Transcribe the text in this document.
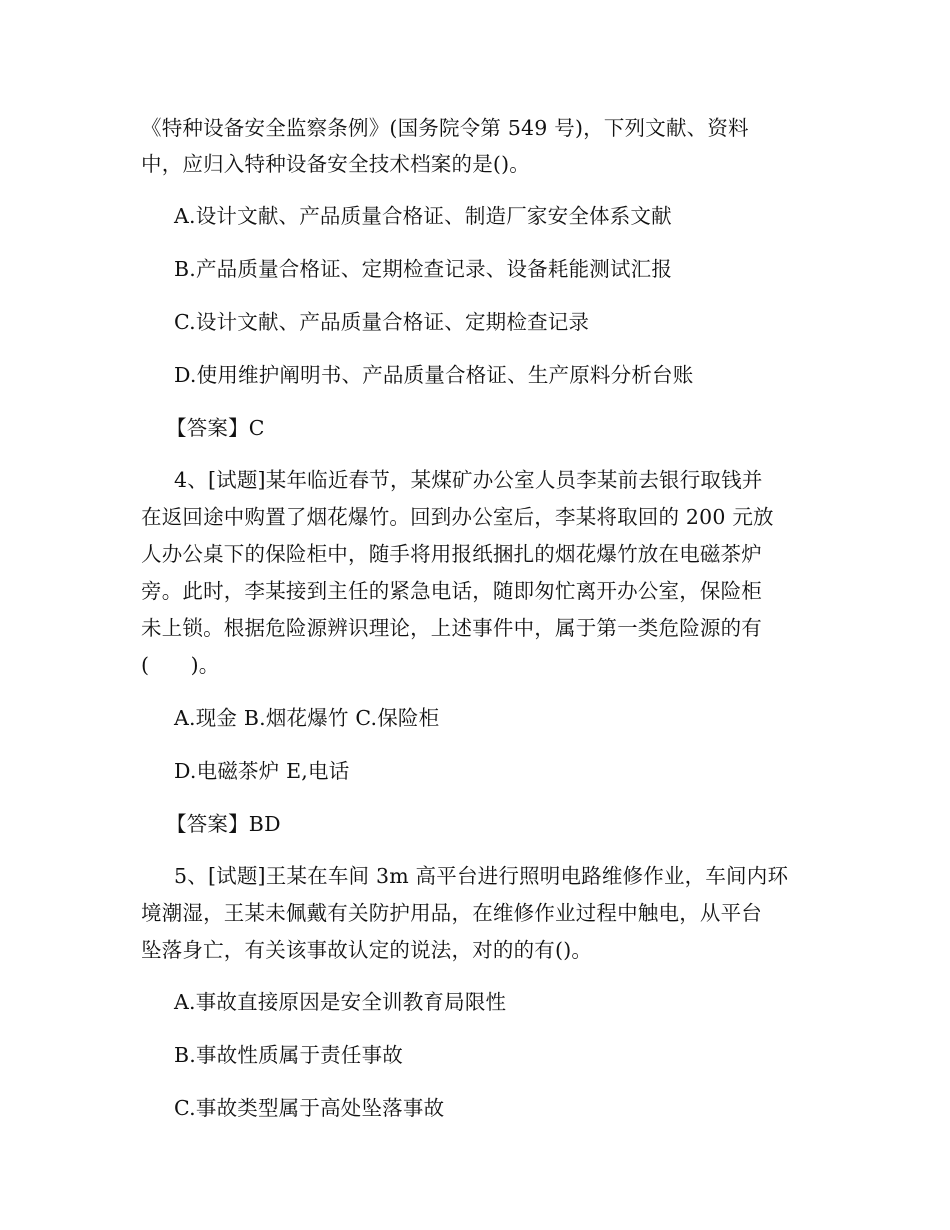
《特种设备安全监察条例》(国务院令第 549 号)，下列文献、资料
中，应归入特种设备安全技术档案的是()。
A.设计文献、产品质量合格证、制造厂家安全体系文献
B.产品质量合格证、定期检查记录、设备耗能测试汇报
C.设计文献、产品质量合格证、定期检查记录
D.使用维护阐明书、产品质量合格证、生产原料分析台账
【答案】C
4、[试题]某年临近春节，某煤矿办公室人员李某前去银行取钱并
在返回途中购置了烟花爆竹。回到办公室后，李某将取回的 200 元放
人办公桌下的保险柜中，随手将用报纸捆扎的烟花爆竹放在电磁茶炉
旁。此时，李某接到主任的紧急电话，随即匆忙离开办公室，保险柜
未上锁。根据危险源辨识理论，上述事件中，属于第一类危险源的有
(　　)。
A.现金 B.烟花爆竹 C.保险柜
D.电磁茶炉 E,电话
【答案】BD
5、[试题]王某在车间 3m 高平台进行照明电路维修作业，车间内环
境潮湿，王某未佩戴有关防护用品，在维修作业过程中触电，从平台
坠落身亡，有关该事故认定的说法，对的的有()。
A.事故直接原因是安全训教育局限性
B.事故性质属于责任事故
C.事故类型属于高处坠落事故
